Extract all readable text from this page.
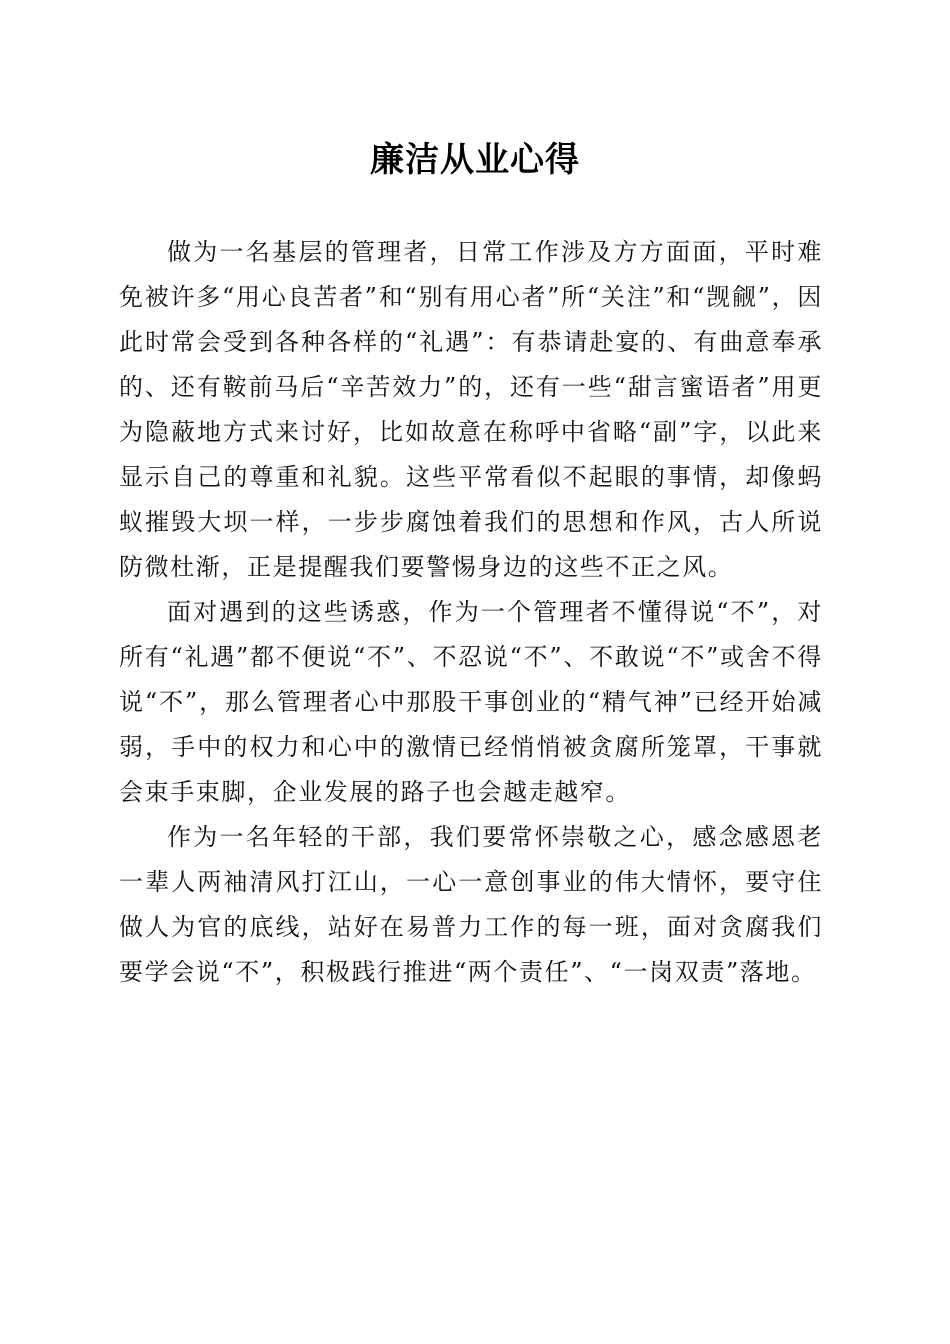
廉洁从业心得

做为一名基层的管理者，日常工作涉及方方面面，平时难免被许多“用心良苦者”和“别有用心者”所“关注”和“觊觎”，因此时常会受到各种各样的“礼遇”：有恭请赴宴的、有曲意奉承的、还有鞍前马后“辛苦效力”的，还有一些“甜言蜜语者”用更为隐蔽地方式来讨好，比如故意在称呼中省略“副”字，以此来显示自己的尊重和礼貌。这些平常看似不起眼的事情，却像蚂蚁摧毁大坝一样，一步步腐蚀着我们的思想和作风，古人所说防微杜渐，正是提醒我们要警惕身边的这些不正之风。

面对遇到的这些诱惑，作为一个管理者不懂得说“不”，对所有“礼遇”都不便说“不”、不忍说“不”、不敢说“不”或舍不得说“不”，那么管理者心中那股干事创业的“精气神”已经开始减弱，手中的权力和心中的激情已经悄悄被贪腐所笼罩，干事就会束手束脚，企业发展的路子也会越走越窄。

作为一名年轻的干部，我们要常怀崇敬之心，感念感恩老一辈人两袖清风打江山，一心一意创事业的伟大情怀，要守住做人为官的底线，站好在易普力工作的每一班，面对贪腐我们要学会说“不”，积极践行推进“两个责任”、“一岗双责”落地。
